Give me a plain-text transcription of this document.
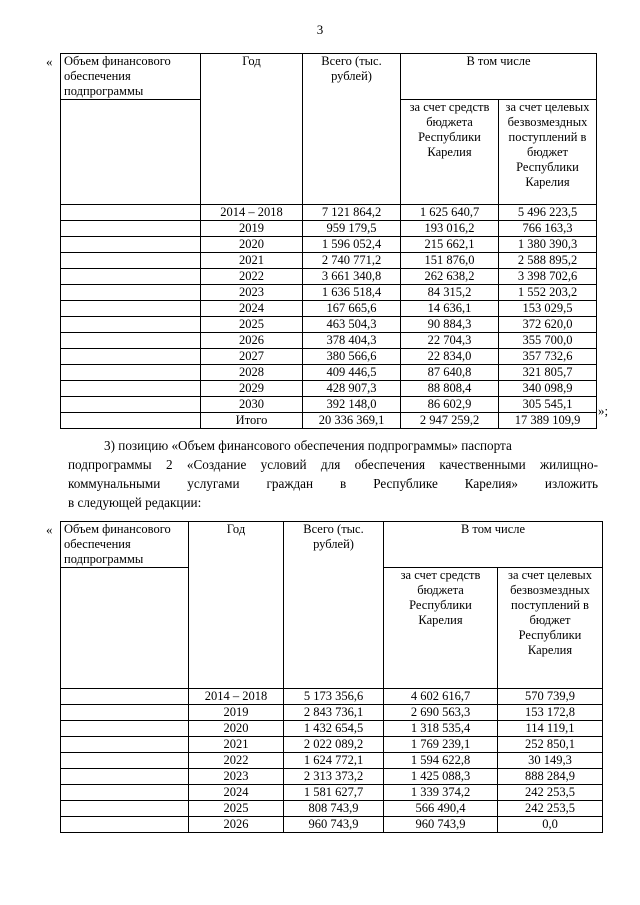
3
« Объем финансового обеспечения подпрограммы	Год	Всего (тыс. рублей)	В том числе	
			за счет средств бюджета Республики Карелия	за счет целевых безвозмездных поступлений в бюджет Республики Карелия
	2014 – 2018	7 121 864,2	1 625 640,7	5 496 223,5
	2019	959 179,5	193 016,2	766 163,3
	2020	1 596 052,4	215 662,1	1 380 390,3
	2021	2 740 771,2	151 876,0	2 588 895,2
	2022	3 661 340,8	262 638,2	3 398 702,6
	2023	1 636 518,4	84 315,2	1 552 203,2
	2024	167 665,6	14 636,1	153 029,5
	2025	463 504,3	90 884,3	372 620,0
	2026	378 404,3	22 704,3	355 700,0
	2027	380 566,6	22 834,0	357 732,6
	2028	409 446,5	87 640,8	321 805,7
	2029	428 907,3	88 808,4	340 098,9
	2030	392 148,0	86 602,9	305 545,1
	Итого	20 336 369,1	2 947 259,2	17 389 109,9
»;
3) позицию «Объем финансового обеспечения подпрограммы» паспорта
подпрограммы 2 «Создание условий для обеспечения качественными жилищно-
коммунальными услугами граждан в Республике Карелия» изложить
в следующей редакции:
« Объем финансового обеспечения подпрограммы	Год	Всего (тыс. рублей)	В том числе	
			за счет средств бюджета Республики Карелия	за счет целевых безвозмездных поступлений в бюджет Республики Карелия
	2014 – 2018	5 173 356,6	4 602 616,7	570 739,9
	2019	2 843 736,1	2 690 563,3	153 172,8
	2020	1 432 654,5	1 318 535,4	114 119,1
	2021	2 022 089,2	1 769 239,1	252 850,1
	2022	1 624 772,1	1 594 622,8	30 149,3
	2023	2 313 373,2	1 425 088,3	888 284,9
	2024	1 581 627,7	1 339 374,2	242 253,5
	2025	808 743,9	566 490,4	242 253,5
	2026	960 743,9	960 743,9	0,0
